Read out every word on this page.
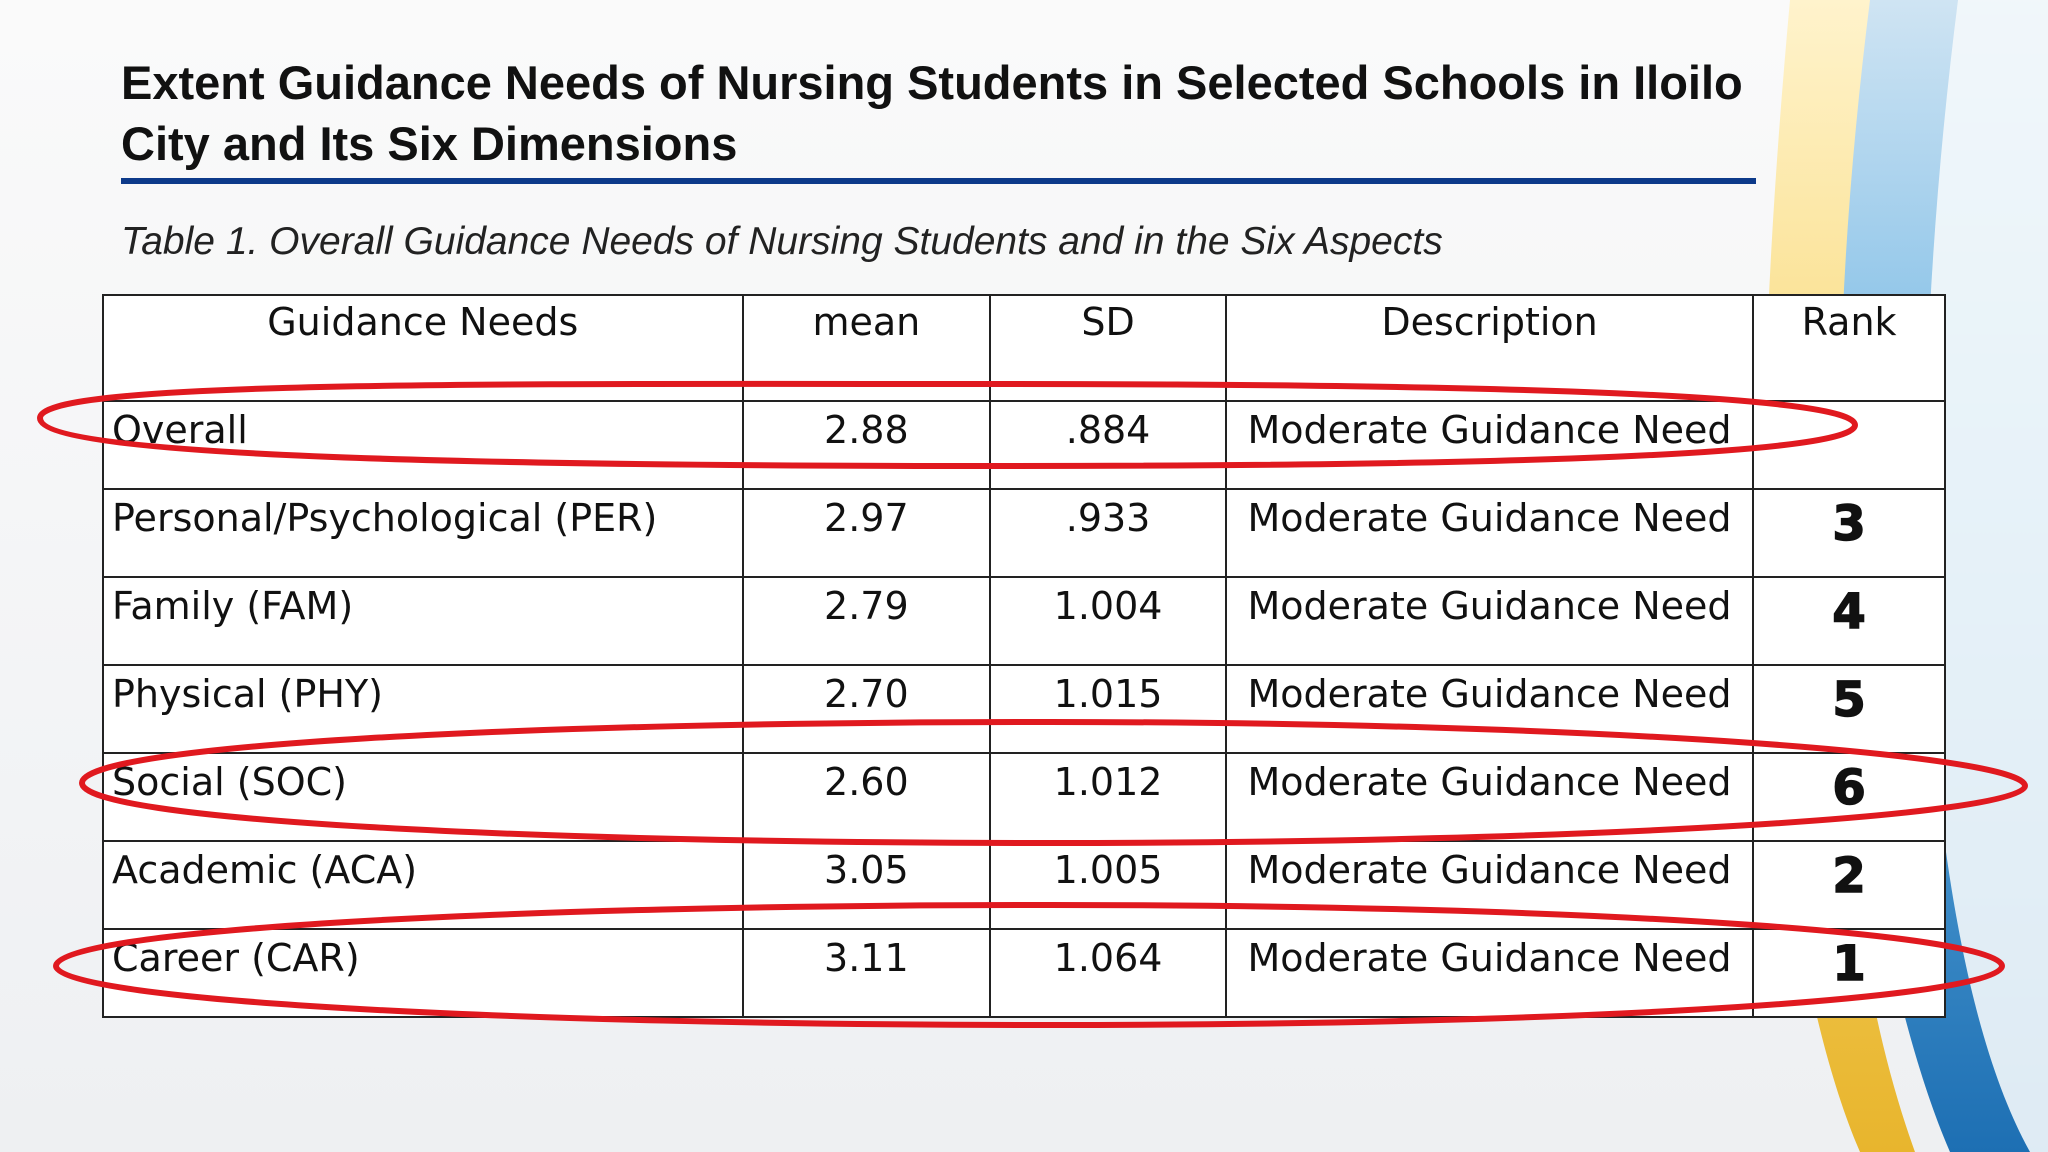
Extent Guidance Needs of Nursing Students in Selected Schools in Iloilo City and Its Six Dimensions

Table 1. Overall Guidance Needs of Nursing Students and in the Six Aspects

Guidance Needs	mean	SD	Description	Rank
Overall	2.88	.884	Moderate Guidance Need	
Personal/Psychological (PER)	2.97	.933	Moderate Guidance Need	3
Family (FAM)	2.79	1.004	Moderate Guidance Need	4
Physical (PHY)	2.70	1.015	Moderate Guidance Need	5
Social (SOC)	2.60	1.012	Moderate Guidance Need	6
Academic (ACA)	3.05	1.005	Moderate Guidance Need	2
Career (CAR)	3.11	1.064	Moderate Guidance Need	1
